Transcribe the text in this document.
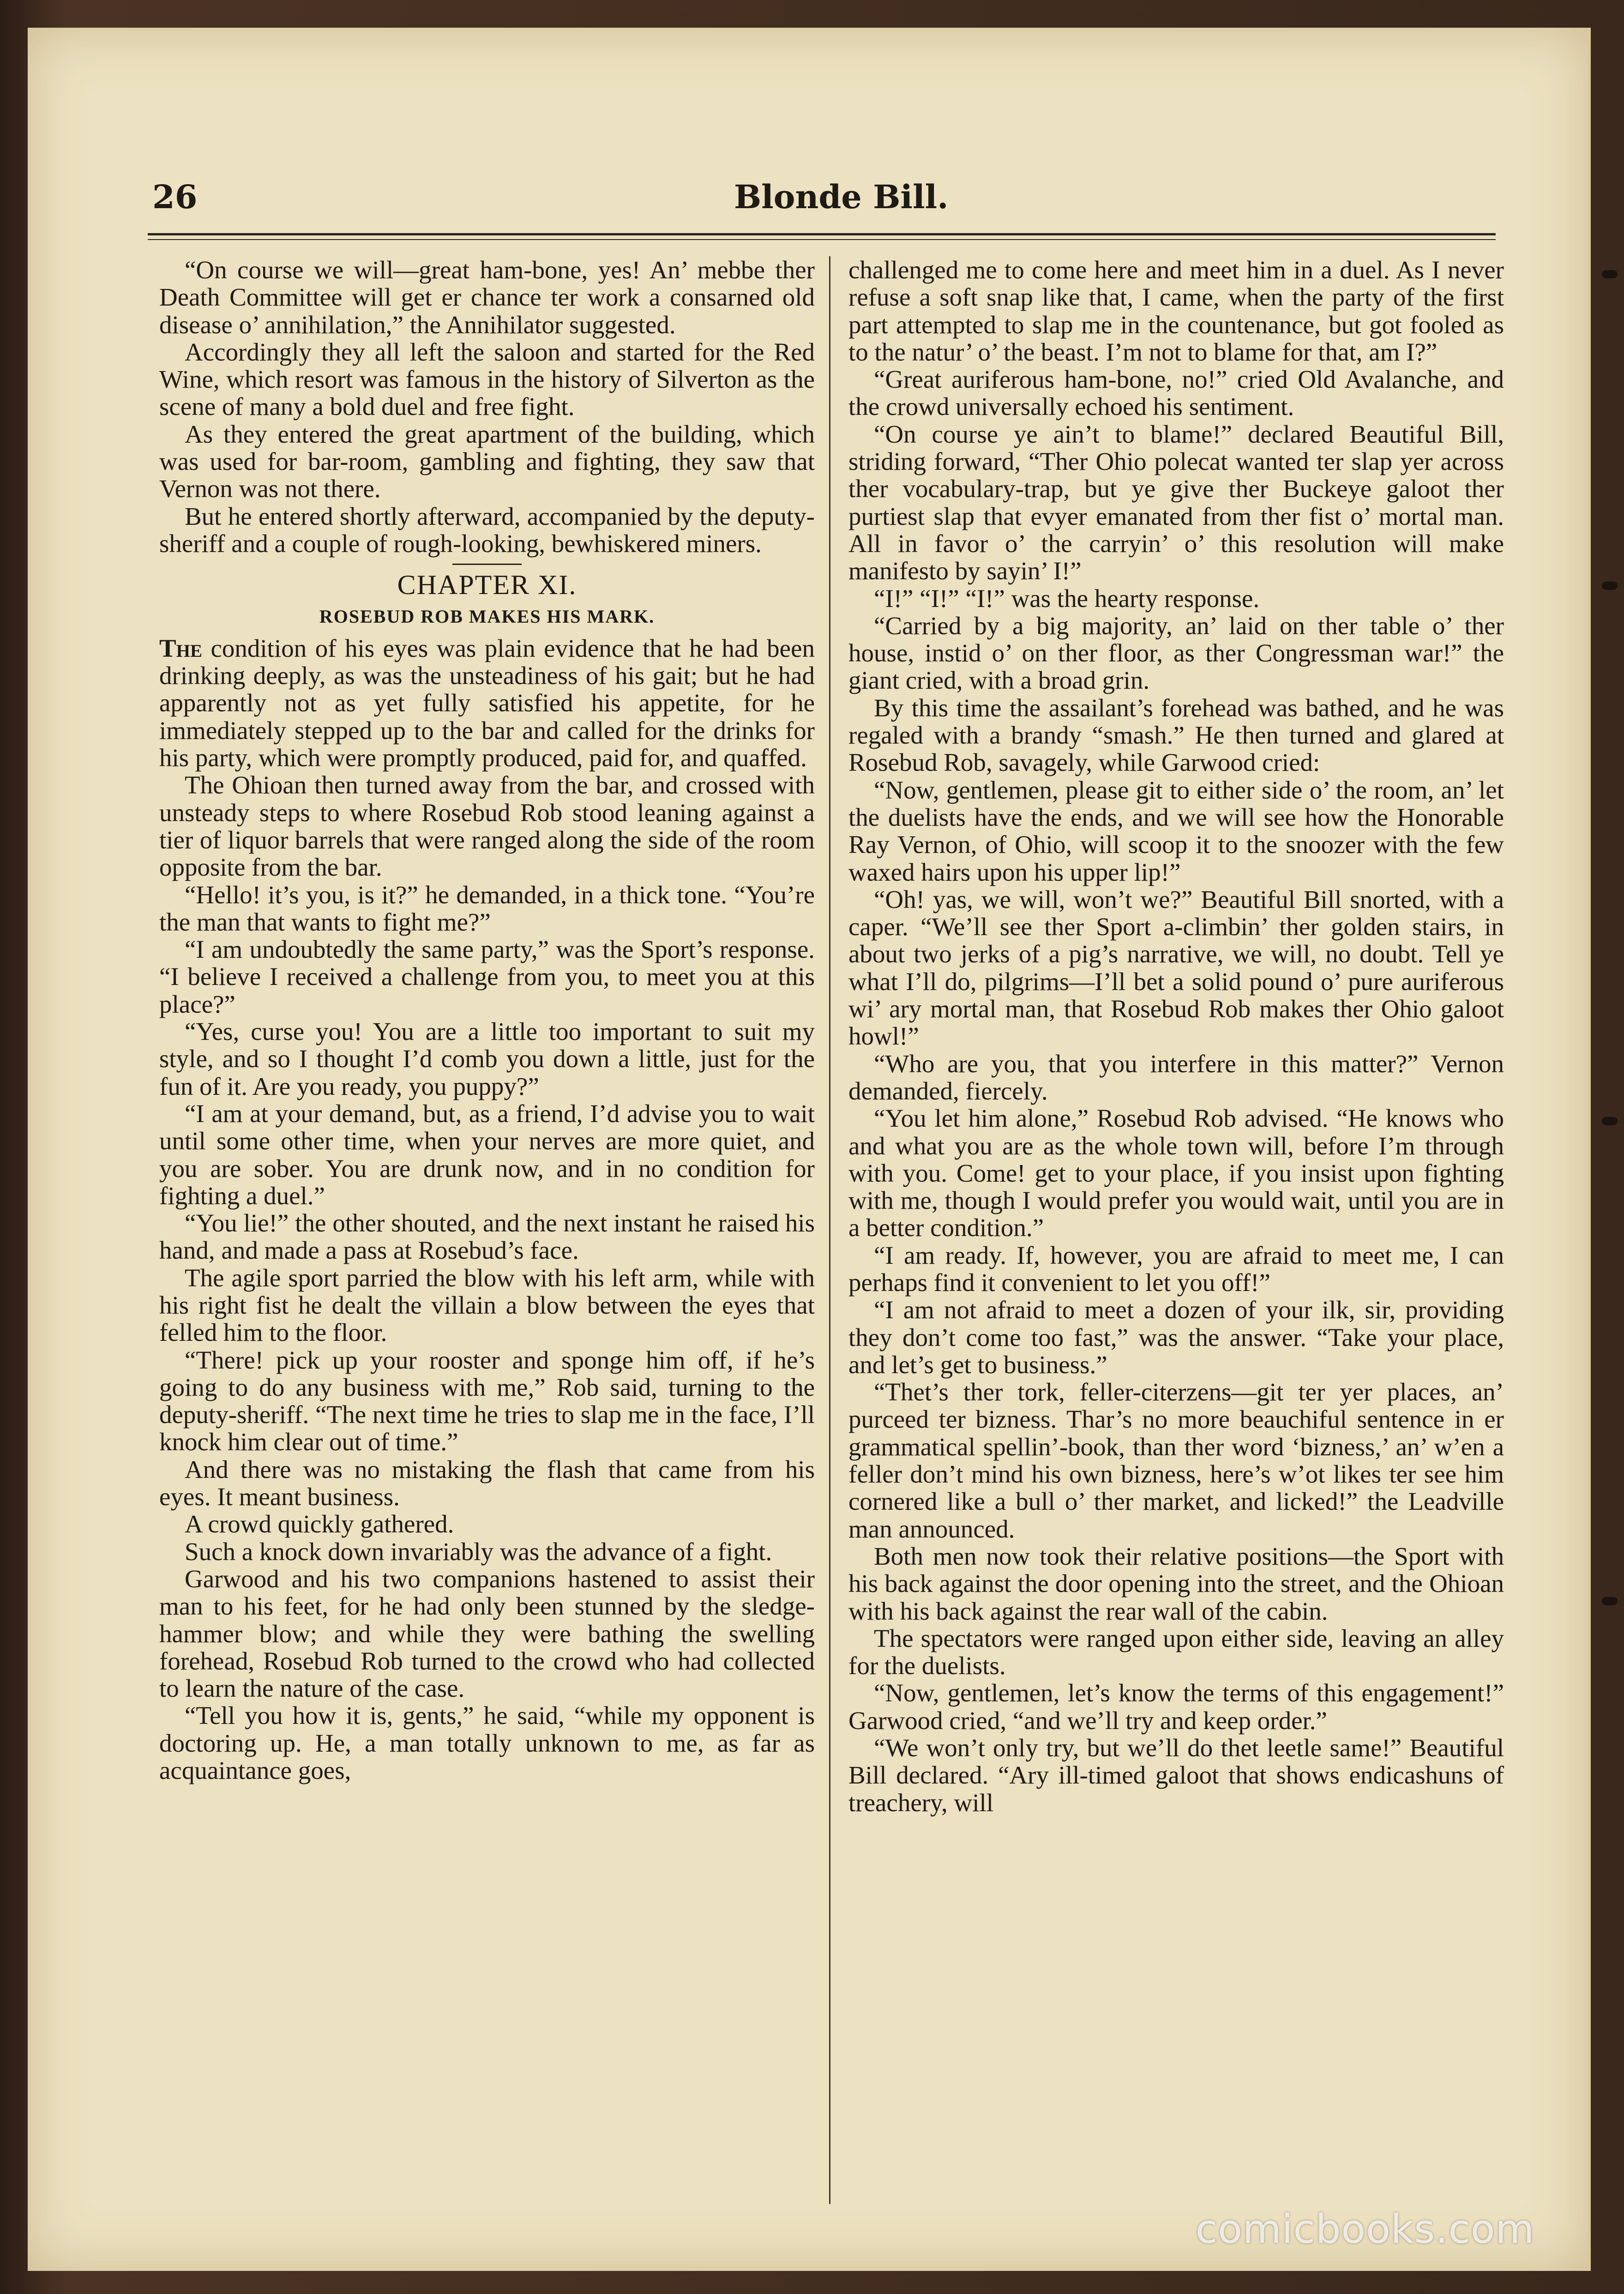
26	Blonde Bill.

“On course we will—great ham-bone, yes! An’ mebbe ther Death Committee will get er chance ter work a consarned old disease o’ annihilation,” the Annihilator suggested.

Accordingly they all left the saloon and started for the Red Wine, which resort was famous in the history of Silverton as the scene of many a bold duel and free fight.

As they entered the great apartment of the building, which was used for bar-room, gambling and fighting, they saw that Vernon was not there.

But he entered shortly afterward, accompanied by the deputy-sheriff and a couple of rough-looking, bewhiskered miners.

CHAPTER XI.
ROSEBUD ROB MAKES HIS MARK.

The condition of his eyes was plain evidence that he had been drinking deeply, as was the unsteadiness of his gait; but he had apparently not as yet fully satisfied his appetite, for he immediately stepped up to the bar and called for the drinks for his party, which were promptly produced, paid for, and quaffed.

The Ohioan then turned away from the bar, and crossed with unsteady steps to where Rosebud Rob stood leaning against a tier of liquor barrels that were ranged along the side of the room opposite from the bar.

“Hello! it’s you, is it?” he demanded, in a thick tone. “You’re the man that wants to fight me?”

“I am undoubtedly the same party,” was the Sport’s response. “I believe I received a challenge from you, to meet you at this place?”

“Yes, curse you! You are a little too important to suit my style, and so I thought I’d comb you down a little, just for the fun of it. Are you ready, you puppy?”

“I am at your demand, but, as a friend, I’d advise you to wait until some other time, when your nerves are more quiet, and you are sober. You are drunk now, and in no condition for fighting a duel.”

“You lie!” the other shouted, and the next instant he raised his hand, and made a pass at Rosebud’s face.

The agile sport parried the blow with his left arm, while with his right fist he dealt the villain a blow between the eyes that felled him to the floor.

“There! pick up your rooster and sponge him off, if he’s going to do any business with me,” Rob said, turning to the deputy-sheriff. “The next time he tries to slap me in the face, I’ll knock him clear out of time.”

And there was no mistaking the flash that came from his eyes. It meant business.

A crowd quickly gathered.

Such a knock down invariably was the advance of a fight.

Garwood and his two companions hastened to assist their man to his feet, for he had only been stunned by the sledge-hammer blow; and while they were bathing the swelling forehead, Rosebud Rob turned to the crowd who had collected to learn the nature of the case.

“Tell you how it is, gents,” he said, “while my opponent is doctoring up. He, a man totally unknown to me, as far as acquaintance goes,

challenged me to come here and meet him in a duel. As I never refuse a soft snap like that, I came, when the party of the first part attempted to slap me in the countenance, but got fooled as to the natur’ o’ the beast. I’m not to blame for that, am I?”

“Great auriferous ham-bone, no!” cried Old Avalanche, and the crowd universally echoed his sentiment.

“On course ye ain’t to blame!” declared Beautiful Bill, striding forward, “Ther Ohio polecat wanted ter slap yer across ther vocabulary-trap, but ye give ther Buckeye galoot ther purtiest slap that evyer emanated from ther fist o’ mortal man. All in favor o’ the carryin’ o’ this resolution will make manifesto by sayin’ I!”

“I!” “I!” “I!” was the hearty response.

“Carried by a big majority, an’ laid on ther table o’ ther house, instid o’ on ther floor, as ther Congressman war!” the giant cried, with a broad grin.

By this time the assailant’s forehead was bathed, and he was regaled with a brandy “smash.” He then turned and glared at Rosebud Rob, savagely, while Garwood cried:

“Now, gentlemen, please git to either side o’ the room, an’ let the duelists have the ends, and we will see how the Honorable Ray Vernon, of Ohio, will scoop it to the snoozer with the few waxed hairs upon his upper lip!”

“Oh! yas, we will, won’t we?” Beautiful Bill snorted, with a caper. “We’ll see ther Sport a-climbin’ ther golden stairs, in about two jerks of a pig’s narrative, we will, no doubt. Tell ye what I’ll do, pilgrims—I’ll bet a solid pound o’ pure auriferous wi’ ary mortal man, that Rosebud Rob makes ther Ohio galoot howl!”

“Who are you, that you interfere in this matter?” Vernon demanded, fiercely.

“You let him alone,” Rosebud Rob advised. “He knows who and what you are as the whole town will, before I’m through with you. Come! get to your place, if you insist upon fighting with me, though I would prefer you would wait, until you are in a better condition.”

“I am ready. If, however, you are afraid to meet me, I can perhaps find it convenient to let you off!”

“I am not afraid to meet a dozen of your ilk, sir, providing they don’t come too fast,” was the answer. “Take your place, and let’s get to business.”

“Thet’s ther tork, feller-citerzens—git ter yer places, an’ purceed ter bizness. Thar’s no more beauchiful sentence in er grammatical spellin’-book, than ther word ‘bizness,’ an’ w’en a feller don’t mind his own bizness, here’s w’ot likes ter see him cornered like a bull o’ ther market, and licked!” the Leadville man announced.

Both men now took their relative positions—the Sport with his back against the door opening into the street, and the Ohioan with his back against the rear wall of the cabin.

The spectators were ranged upon either side, leaving an alley for the duelists.

“Now, gentlemen, let’s know the terms of this engagement!” Garwood cried, “and we’ll try and keep order.”

“We won’t only try, but we’ll do thet leetle same!” Beautiful Bill declared. “Ary ill-timed galoot that shows endicashuns of treachery, will

comicbooks.com
